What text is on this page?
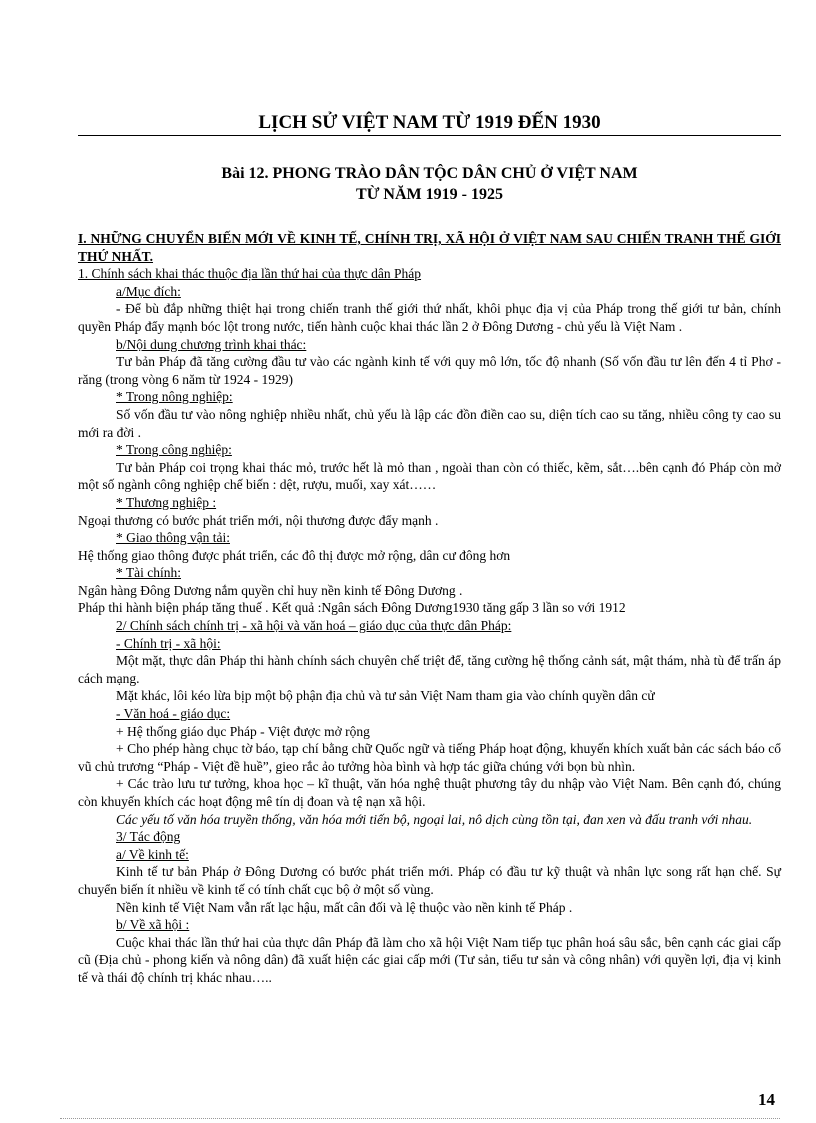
LỊCH SỬ VIỆT NAM TỪ 1919 ĐẾN 1930
Bài 12. PHONG TRÀO DÂN TỘC DÂN CHỦ Ở VIỆT NAM
TỪ NĂM 1919 - 1925

I. NHỮNG CHUYỂN BIẾN MỚI VỀ KINH TẾ, CHÍNH TRỊ, XÃ HỘI Ở VIỆT NAM SAU CHIẾN TRANH THẾ GIỚI THỨ NHẤT.

1. Chính sách khai thác thuộc địa lần thứ hai của thực dân Pháp

a/Mục đích:

- Để bù đắp những thiệt hại trong chiến tranh thế giới thứ nhất, khôi phục địa vị của Pháp trong thế giới tư bản, chính quyền Pháp đẩy mạnh bóc lột trong nước, tiến hành cuộc khai thác lần 2 ở Đông Dương - chủ yếu là Việt Nam .

b/Nội dung chương trình khai thác:

Tư bản Pháp đã tăng cường đầu tư vào các ngành kinh tế với quy mô lớn, tốc độ nhanh (Số vốn đầu tư lên đến 4 tỉ Phơ - răng (trong vòng 6 năm từ 1924 - 1929)

* Trong nông nghiệp:

Số vốn đầu tư vào nông nghiệp nhiều nhất, chủ yếu là lập các đồn điền cao su, diện tích cao su tăng, nhiều công ty cao su mới ra đời .

* Trong công nghiệp:

Tư bản Pháp coi trọng khai thác mỏ, trước hết là mỏ than , ngoài than còn có thiếc, kẽm, sắt….bên cạnh đó Pháp còn mở một số ngành công nghiệp chế biến : dệt, rượu, muối, xay xát……

* Thương nghiệp :

Ngoại thương có bước phát triển mới, nội thương được đẩy mạnh .

* Giao thông vận tải:

Hệ thống giao thông được phát triển, các đô thị được mở rộng, dân cư đông hơn

* Tài chính:

Ngân hàng Đông Dương nắm quyền chỉ huy nền kinh tế Đông Dương .

Pháp thi hành biện pháp tăng thuế . Kết quả :Ngân sách Đông Dương1930 tăng gấp 3 lần so với 1912

2/ Chính sách chính trị - xã hội và văn hoá – giáo dục của thực dân Pháp:

- Chính trị - xã hội:

Một mặt, thực dân Pháp thi hành chính sách chuyên chế triệt để, tăng cường hệ thống cảnh sát, mật thám, nhà tù để trấn áp cách mạng.

Mặt khác, lôi kéo lừa bịp một bộ phận địa chủ và tư sản Việt Nam tham gia vào chính quyền dân cử

- Văn hoá - giáo dục:

+ Hệ thống giáo dục Pháp - Việt được mở rộng

+ Cho phép hàng chục tờ báo, tạp chí bằng chữ Quốc ngữ và tiếng Pháp hoạt động, khuyến khích xuất bản các sách báo cổ vũ chủ trương “Pháp - Việt đề huề”, gieo rắc ảo tưởng hòa bình và hợp tác giữa chúng với bọn bù nhìn.

+ Các trào lưu tư tưởng, khoa học – kĩ thuật, văn hóa nghệ thuật phương tây du nhập vào Việt Nam. Bên cạnh đó, chúng còn khuyến khích các hoạt động mê tín dị đoan và tệ nạn xã hội.

Các yếu tố văn hóa truyền thống, văn hóa mới tiến bộ, ngoại lai, nô dịch cùng tồn tại, đan xen và đấu tranh với nhau.

3/ Tác động

a/ Về kinh tế:

Kinh tế tư bản Pháp ở Đông Dương có bước phát triển mới. Pháp có đầu tư kỹ thuật và nhân lực song rất hạn chế. Sự chuyển biến ít nhiều về kinh tế có tính chất cục bộ ở một số vùng.

Nền kinh tế Việt Nam vẫn rất lạc hậu, mất cân đối và lệ thuộc vào nền kinh tế Pháp .

b/ Về xã hội :

Cuộc khai thác lần thứ hai của thực dân Pháp đã làm cho xã hội Việt Nam tiếp tục phân hoá sâu sắc, bên cạnh các giai cấp cũ (Địa chủ - phong kiến và nông dân) đã xuất hiện các giai cấp mới (Tư sản, tiểu tư sản và công nhân) với quyền lợi, địa vị kinh tế và thái độ chính trị khác nhau…..

14
